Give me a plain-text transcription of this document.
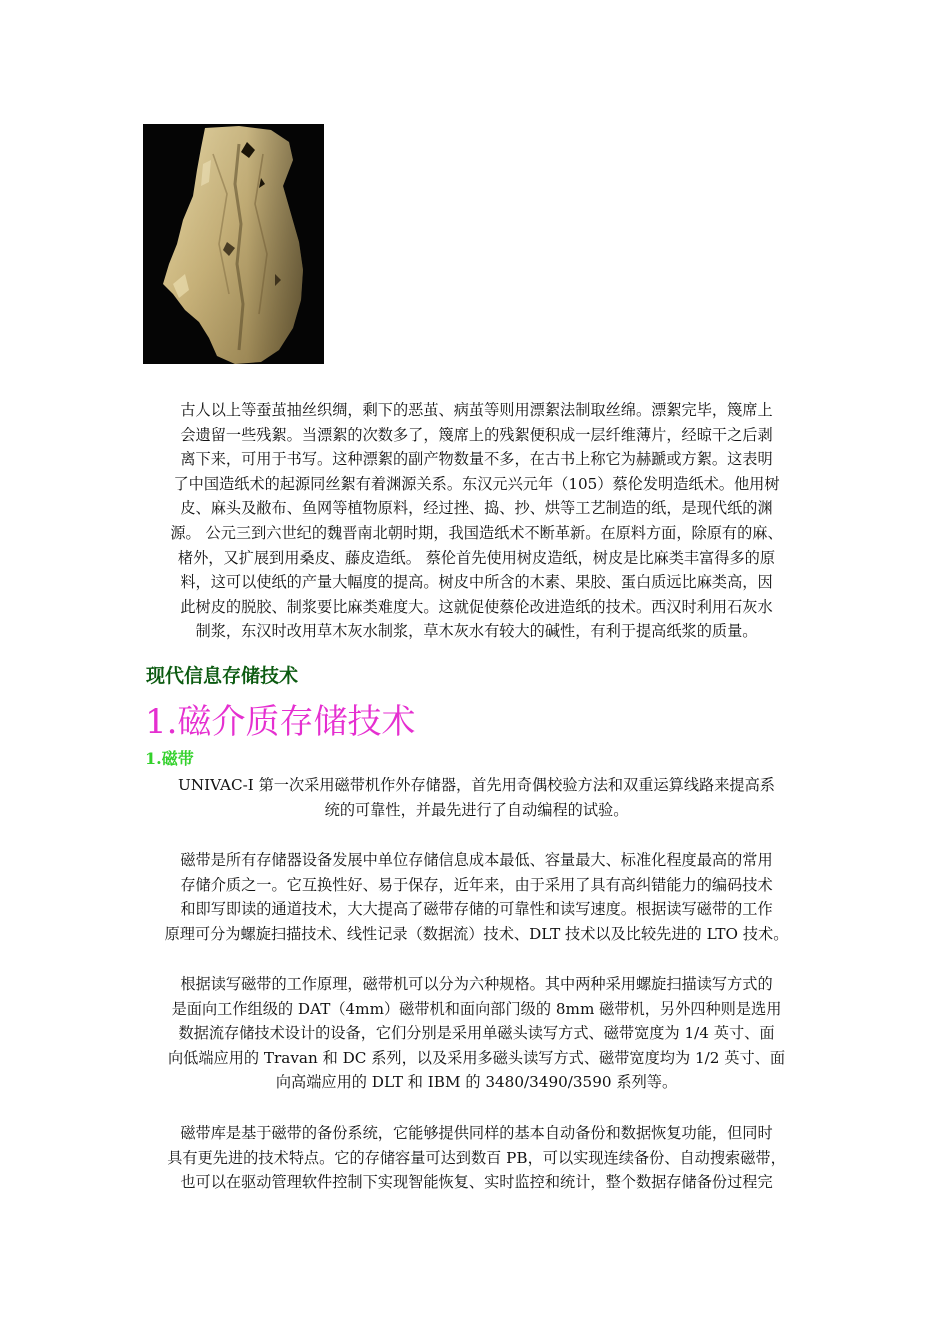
古人以上等蚕茧抽丝织绸，剩下的恶茧、病茧等则用漂絮法制取丝绵。漂絮完毕，篾席上
会遗留一些残絮。当漂絮的次数多了，篾席上的残絮便积成一层纤维薄片，经晾干之后剥
离下来，可用于书写。这种漂絮的副产物数量不多，在古书上称它为赫蹏或方絮。这表明
了中国造纸术的起源同丝絮有着渊源关系。东汉元兴元年（105）蔡伦发明造纸术。他用树
皮、麻头及敝布、鱼网等植物原料，经过挫、捣、抄、烘等工艺制造的纸，是现代纸的渊
源。 公元三到六世纪的魏晋南北朝时期，我国造纸术不断革新。在原料方面，除原有的麻、
楮外，又扩展到用桑皮、藤皮造纸。 蔡伦首先使用树皮造纸，树皮是比麻类丰富得多的原
料，这可以使纸的产量大幅度的提高。树皮中所含的木素、果胶、蛋白质远比麻类高，因
此树皮的脱胶、制浆要比麻类难度大。这就促使蔡伦改进造纸的技术。西汉时利用石灰水
制浆，东汉时改用草木灰水制浆，草木灰水有较大的碱性，有利于提高纸浆的质量。

现代信息存储技术
1.磁介质存储技术
1.磁带

UNIVAC-I 第一次采用磁带机作外存储器，首先用奇偶校验方法和双重运算线路来提高系
统的可靠性，并最先进行了自动编程的试验。

磁带是所有存储器设备发展中单位存储信息成本最低、容量最大、标准化程度最高的常用
存储介质之一。它互换性好、易于保存，近年来，由于采用了具有高纠错能力的编码技术
和即写即读的通道技术，大大提高了磁带存储的可靠性和读写速度。根据读写磁带的工作
原理可分为螺旋扫描技术、线性记录（数据流）技术、DLT 技术以及比较先进的 LTO 技术。

根据读写磁带的工作原理，磁带机可以分为六种规格。其中两种采用螺旋扫描读写方式的
是面向工作组级的 DAT（4mm）磁带机和面向部门级的 8mm 磁带机，另外四种则是选用
数据流存储技术设计的设备，它们分别是采用单磁头读写方式、磁带宽度为 1/4 英寸、面
向低端应用的 Travan 和 DC 系列，以及采用多磁头读写方式、磁带宽度均为 1/2 英寸、面
向高端应用的 DLT 和 IBM 的 3480/3490/3590 系列等。

磁带库是基于磁带的备份系统，它能够提供同样的基本自动备份和数据恢复功能，但同时
具有更先进的技术特点。它的存储容量可达到数百 PB，可以实现连续备份、自动搜索磁带，
也可以在驱动管理软件控制下实现智能恢复、实时监控和统计，整个数据存储备份过程完
